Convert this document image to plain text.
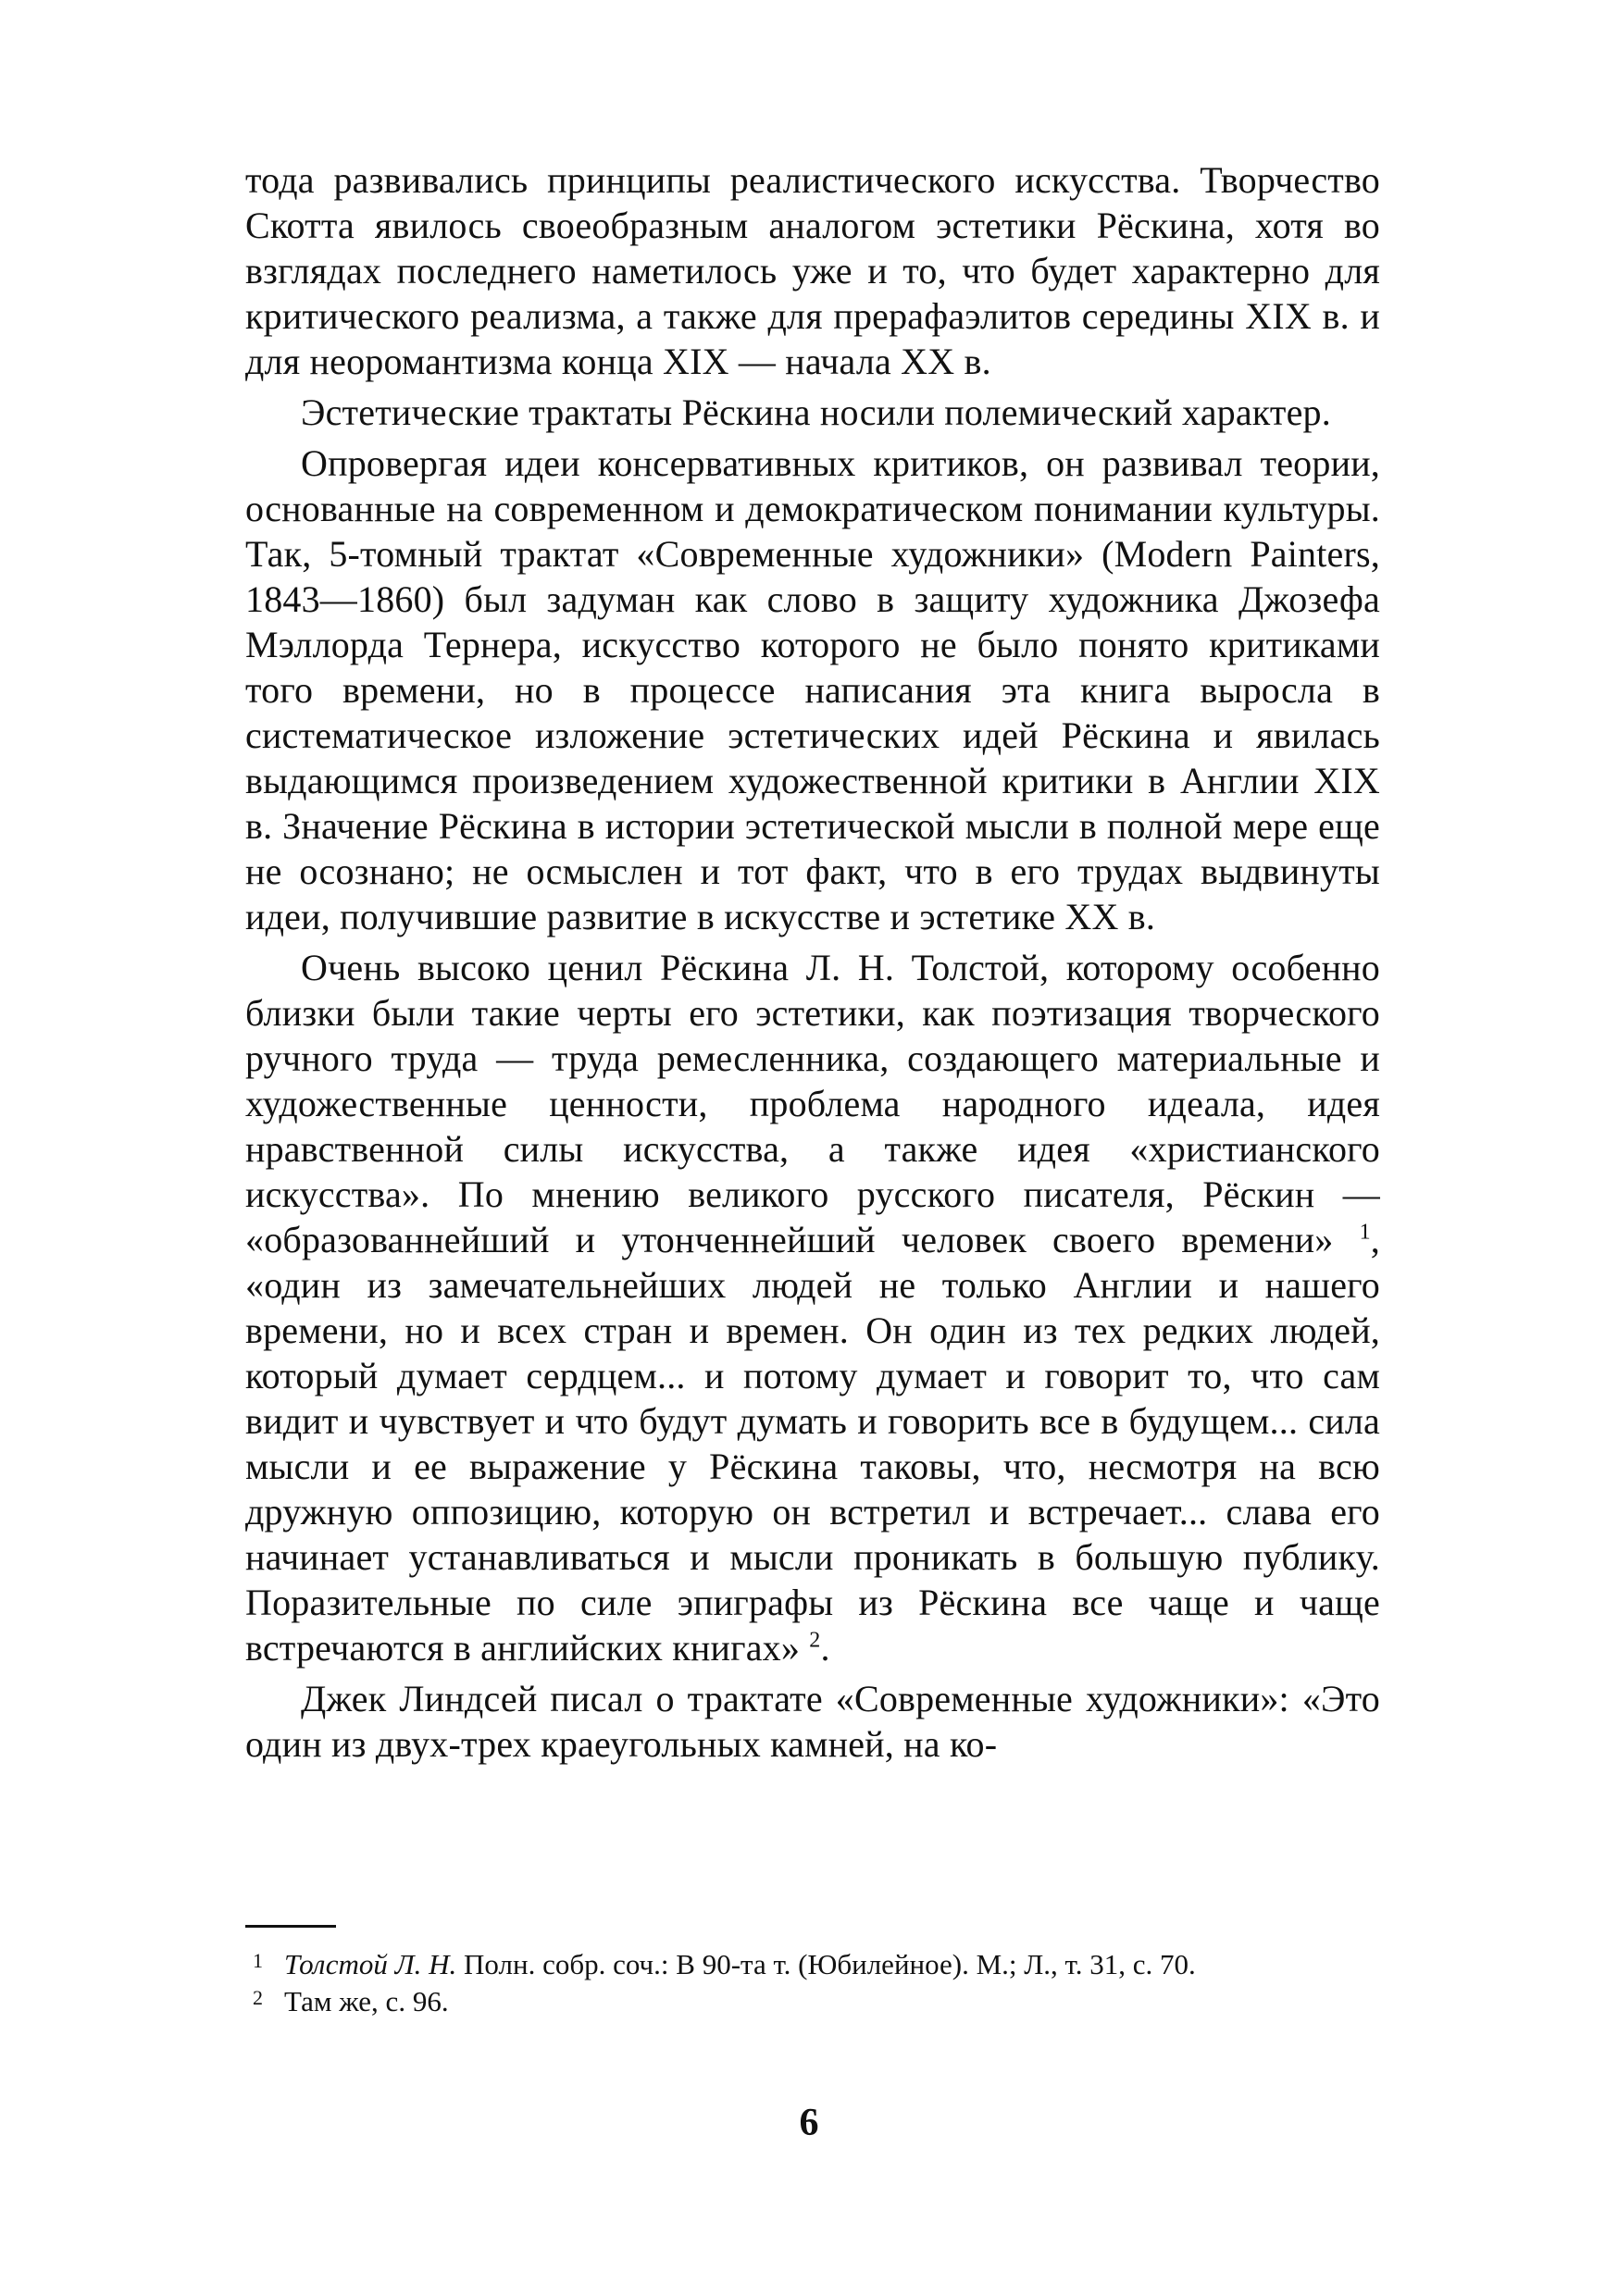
тода развивались принципы реалистического искусства. Творчество Скотта явилось своеобразным аналогом эстетики Рёскина, хотя во взглядах последнего наметилось уже и то, что будет характерно для критического реализма, а также для прерафаэлитов середины XIX в. и для неоромантизма конца XIX — начала XX в.

Эстетические трактаты Рёскина носили полемический характер.

Опровергая идеи консервативных критиков, он развивал теории, основанные на современном и демократическом понимании культуры. Так, 5-томный трактат «Современные художники» (Modern Painters, 1843—1860) был задуман как слово в защиту художника Джозефа Мэллорда Тернера, искусство которого не было понято критиками того времени, но в процессе написания эта книга выросла в систематическое изложение эстетических идей Рёскина и явилась выдающимся произведением художественной критики в Англии XIX в. Значение Рёскина в истории эстетической мысли в полной мере еще не осознано; не осмыслен и тот факт, что в его трудах выдвинуты идеи, получившие развитие в искусстве и эстетике XX в.

Очень высоко ценил Рёскина Л. Н. Толстой, которому особенно близки были такие черты его эстетики, как поэтизация творческого ручного труда — труда ремесленника, создающего материальные и художественные ценности, проблема народного идеала, идея нравственной силы искусства, а также идея «христианского искусства». По мнению великого русского писателя, Рёскин — «образованнейший и утонченнейший человек своего времени» $^1$, «один из замечательнейших людей не только Англии и нашего времени, но и всех стран и времен. Он один из тех редких людей, который думает сердцем... и потому думает и говорит то, что сам видит и чувствует и что будут думать и говорить все в будущем... сила мысли и ее выражение у Рёскина таковы, что, несмотря на всю дружную оппозицию, которую он встретил и встречает... слава его начинает устанавливаться и мысли проникать в большую публику. Поразительные по силе эпиграфы из Рёскина все чаще и чаще встречаются в английских книгах» $^2$.

Джек Линдсей писал о трактате «Современные художники»: «Это один из двух-трех краеугольных камней, на ко-

1 Толстой Л. Н. Полн. собр. соч.: В 90-та т. (Юбилейное). М.; Л., т. 31, с. 70.

2 Там же, с. 96.

6
